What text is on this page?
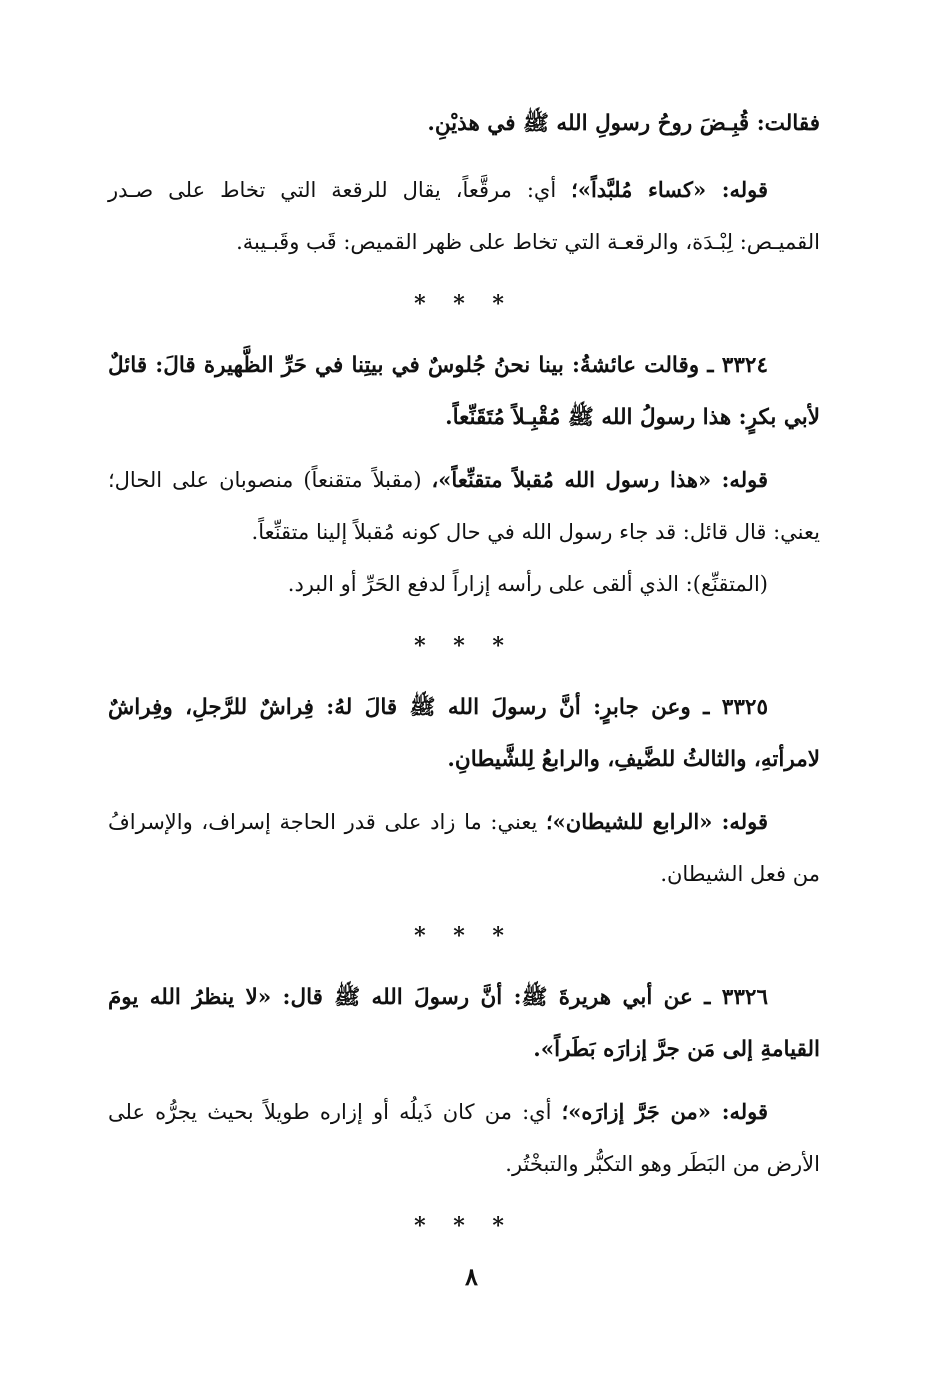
فقالت: قُبِـضَ روحُ رسولِ الله ﷺ في هذيْنِ.

قوله: «كساء مُلبَّداً»؛ أي: مرقَّعاً، يقال للرقعة التي تخاط على صـدر القميـص: لِبْـدَة، والرقعـة التي تخاط على ظهر القميص: قَب وقَبـيبة.

* * *

٣٣٢٤ ـ وقالت عائشةُ: بينا نحنُ جُلوسٌ في بيتِنا في حَرِّ الظَّهيرة قالَ: قائلٌ لأبي بكرٍ: هذا رسولُ الله ﷺ مُقْبِـلاً مُتَقَنِّعاً.

قوله: «هذا رسول الله مُقبلاً متقنِّعاً»، (مقبلاً متقنعاً) منصوبان على الحال؛ يعني: قال قائل: قد جاء رسول الله في حال كونه مُقبلاً إلينا متقنِّعاً.

(المتقنِّع): الذي ألقى على رأسه إزاراً لدفع الحَرِّ أو البرد.

* * *

٣٣٢٥ ـ وعن جابرٍ: أنَّ رسولَ الله ﷺ قالَ لهُ: فِراشٌ للرَّجلِ، وفِراشٌ لامرأتهِ، والثالثُ للضَّيفِ، والرابعُ لِلشَّيطانِ.

قوله: «الرابع للشيطان»؛ يعني: ما زاد على قدر الحاجة إسراف، والإسرافُ من فعل الشيطان.

* * *

٣٣٢٦ ـ عن أبي هريرةَ ﷺ: أنَّ رسولَ الله ﷺ قال: «لا ينظرُ الله يومَ القيامةِ إلى مَن جرَّ إزارَه بَطَراً».

قوله: «من جَرَّ إزارَه»؛ أي: من كان ذَيلُه أو إزاره طويلاً بحيث يجرُّه على الأرض من البَطَر وهو التكبُّر والتبخْتُر.

* * *

٨
